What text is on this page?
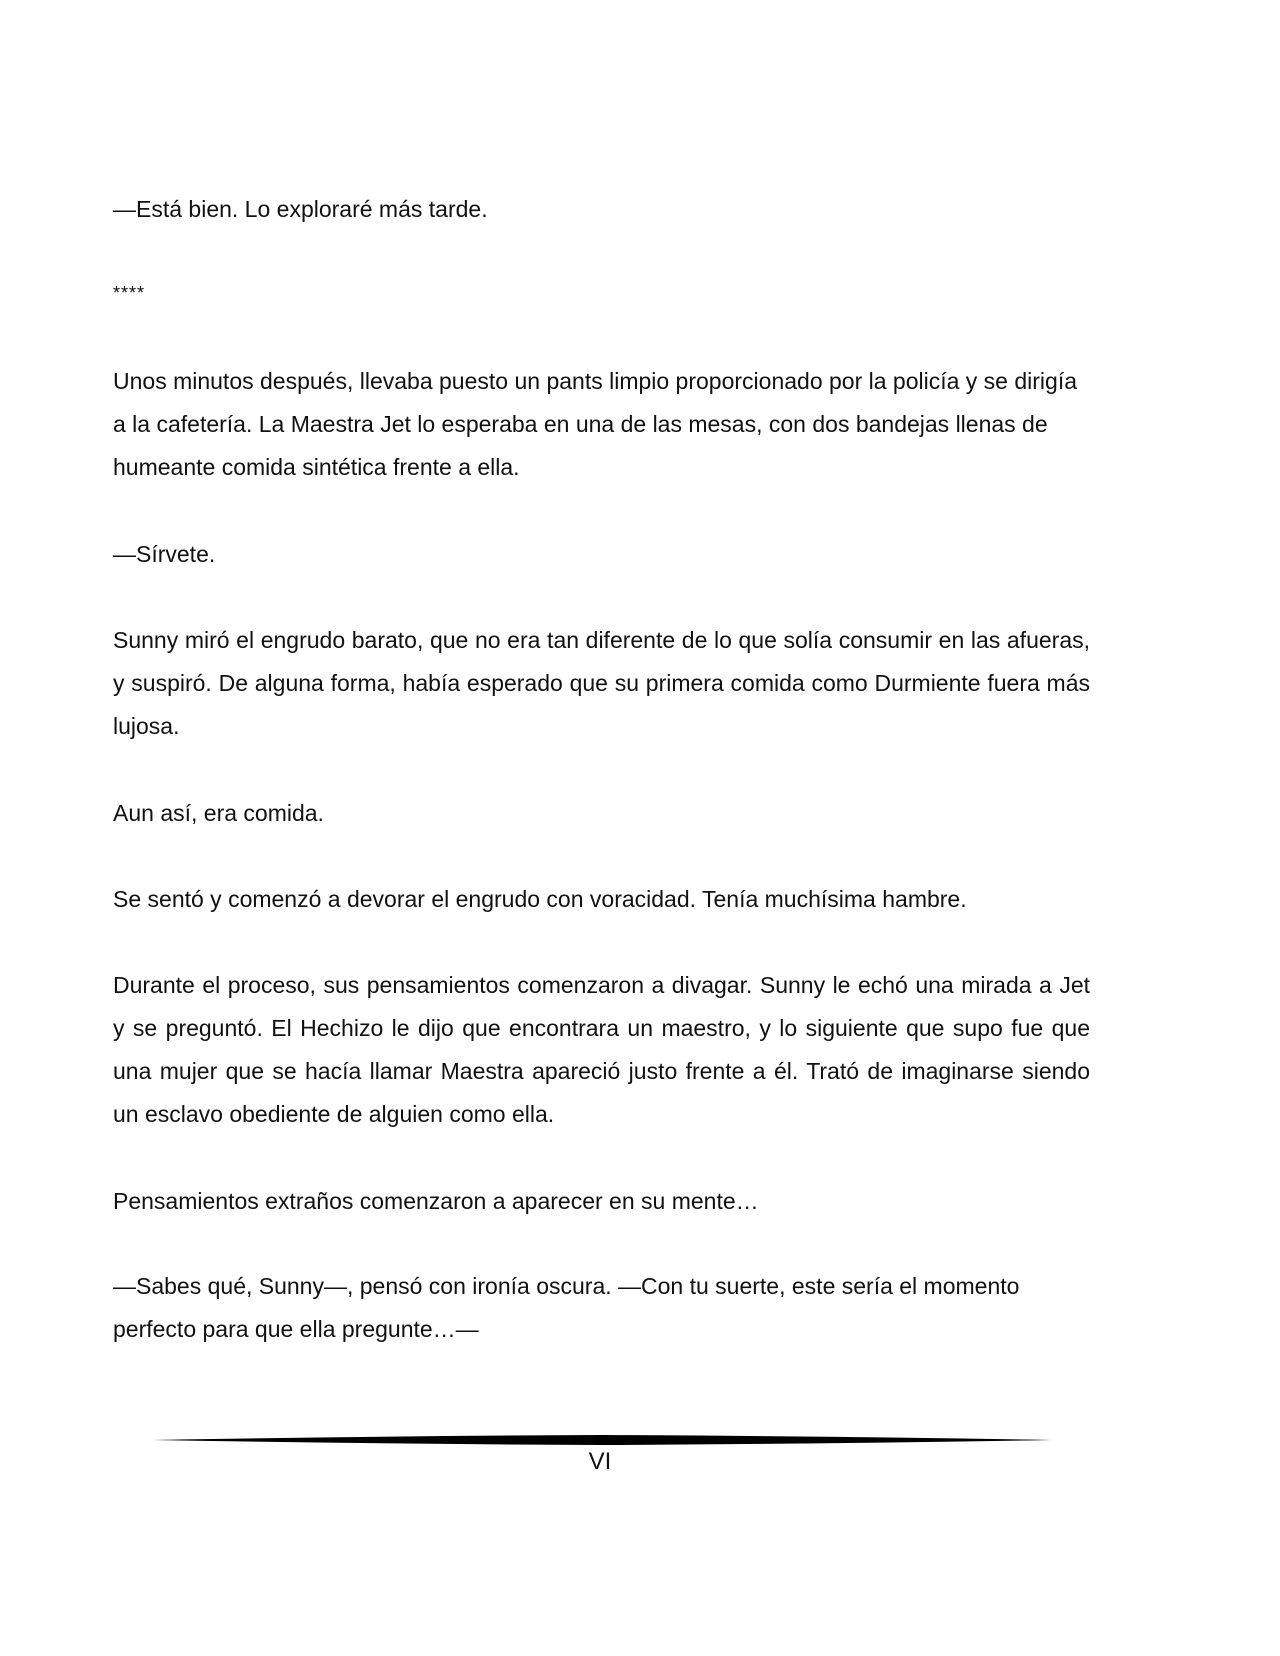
—Está bien. Lo exploraré más tarde.

****

Unos minutos después, llevaba puesto un pants limpio proporcionado por la policía y se dirigía a la cafetería. La Maestra Jet lo esperaba en una de las mesas, con dos bandejas llenas de humeante comida sintética frente a ella.

—Sírvete.

Sunny miró el engrudo barato, que no era tan diferente de lo que solía consumir en las afueras, y suspiró. De alguna forma, había esperado que su primera comida como Durmiente fuera más lujosa.

Aun así, era comida.

Se sentó y comenzó a devorar el engrudo con voracidad. Tenía muchísima hambre.

Durante el proceso, sus pensamientos comenzaron a divagar. Sunny le echó una mirada a Jet y se preguntó. El Hechizo le dijo que encontrara un maestro, y lo siguiente que supo fue que una mujer que se hacía llamar Maestra apareció justo frente a él. Trató de imaginarse siendo un esclavo obediente de alguien como ella.

Pensamientos extraños comenzaron a aparecer en su mente…

—Sabes qué, Sunny—, pensó con ironía oscura. —Con tu suerte, este sería el momento perfecto para que ella pregunte…—

VI
